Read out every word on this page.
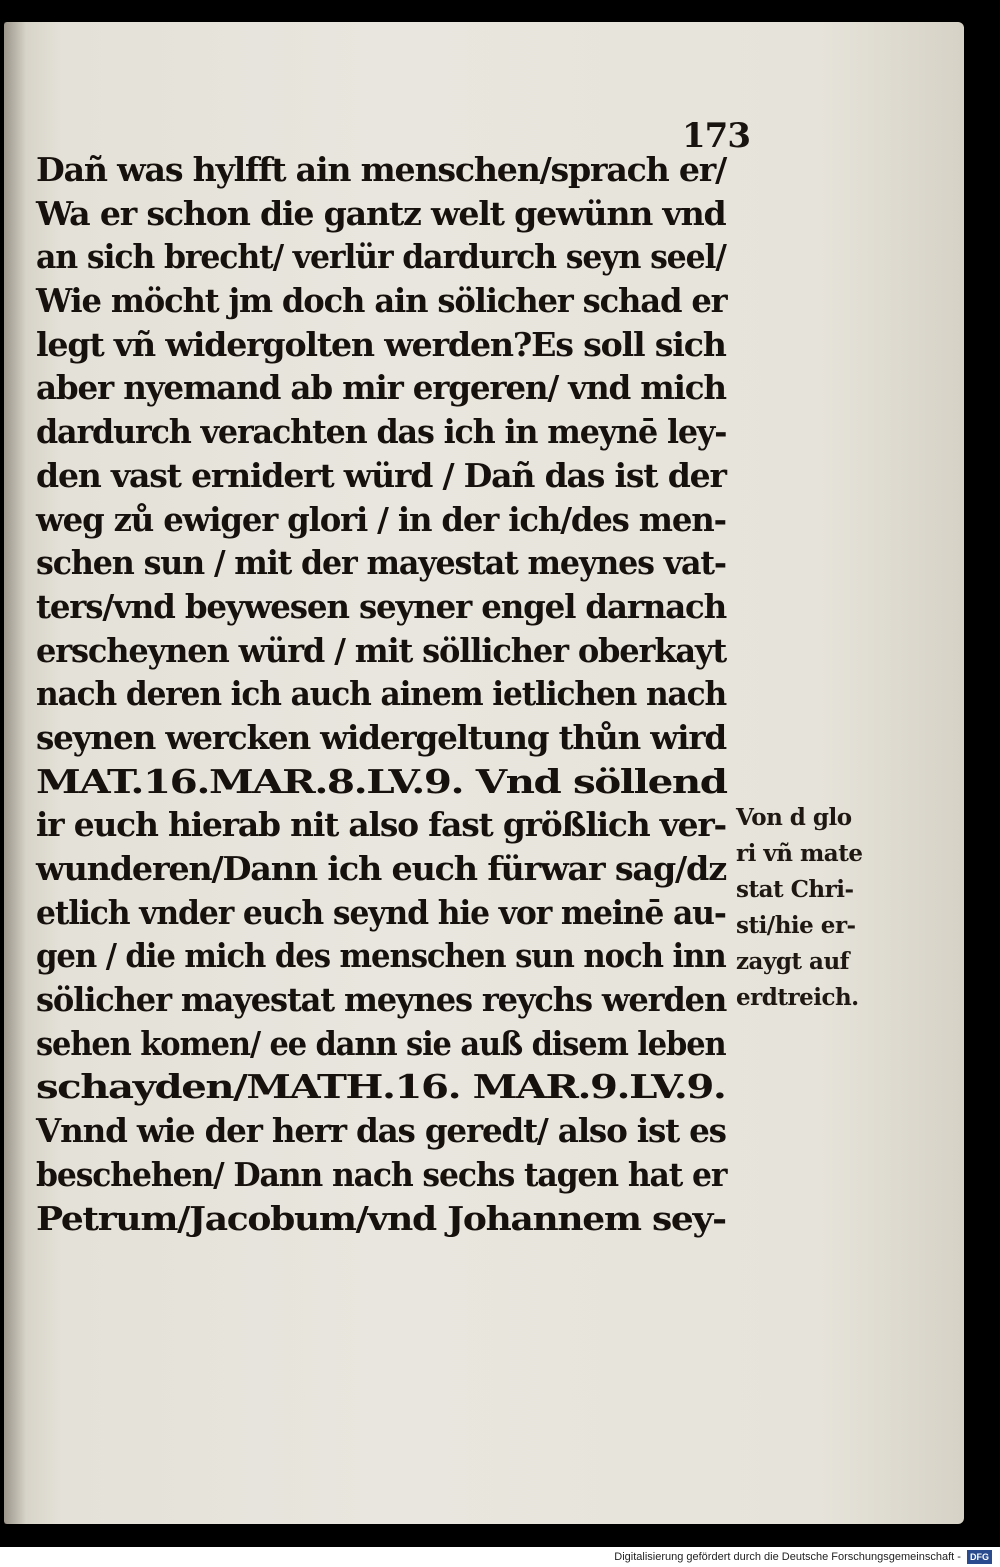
173
Dañ was hylfft ain menschen/sprach er/
Wa er schon die gantz welt gewünn vnd
an sich brecht/ verlür dardurch seyn seel/
Wie möcht jm doch ain sölicher schad er
legt vñ widergolten werden?Es soll sich
aber nyemand ab mir ergeren/ vnd mich
dardurch verachten das ich in meynē ley-
den vast ernidert würd / Dañ das ist der
weg zů ewiger glori / in der ich/des men-
schen sun / mit der mayestat meynes vat-
ters/vnd beywesen seyner engel darnach
erscheynen würd / mit söllicher oberkayt
nach deren ich auch ainem ietlichen nach
seynen wercken widergeltung thůn wird
MAT.16.MAR.8.LV.9. Vnd söllend
ir euch hierab nit also fast größlich ver-
wunderen/Dann ich euch fürwar sag/dz
etlich vnder euch seynd hie vor meinē au-
gen / die mich des menschen sun noch inn
sölicher mayestat meynes reychs werden
sehen komen/ ee dann sie auß disem leben
schayden/MATH.16. MAR.9.LV.9.
Vnnd wie der herr das geredt/ also ist es
beschehen/ Dann nach sechs tagen hat er
Petrum/Jacobum/vnd Johannem sey-
Von d glo
ri vñ mate
stat Chri-
sti/hie er-
zaygt auf
erdtreich.
Digitalisierung gefördert durch die Deutsche Forschungsgemeinschaft - DFG
